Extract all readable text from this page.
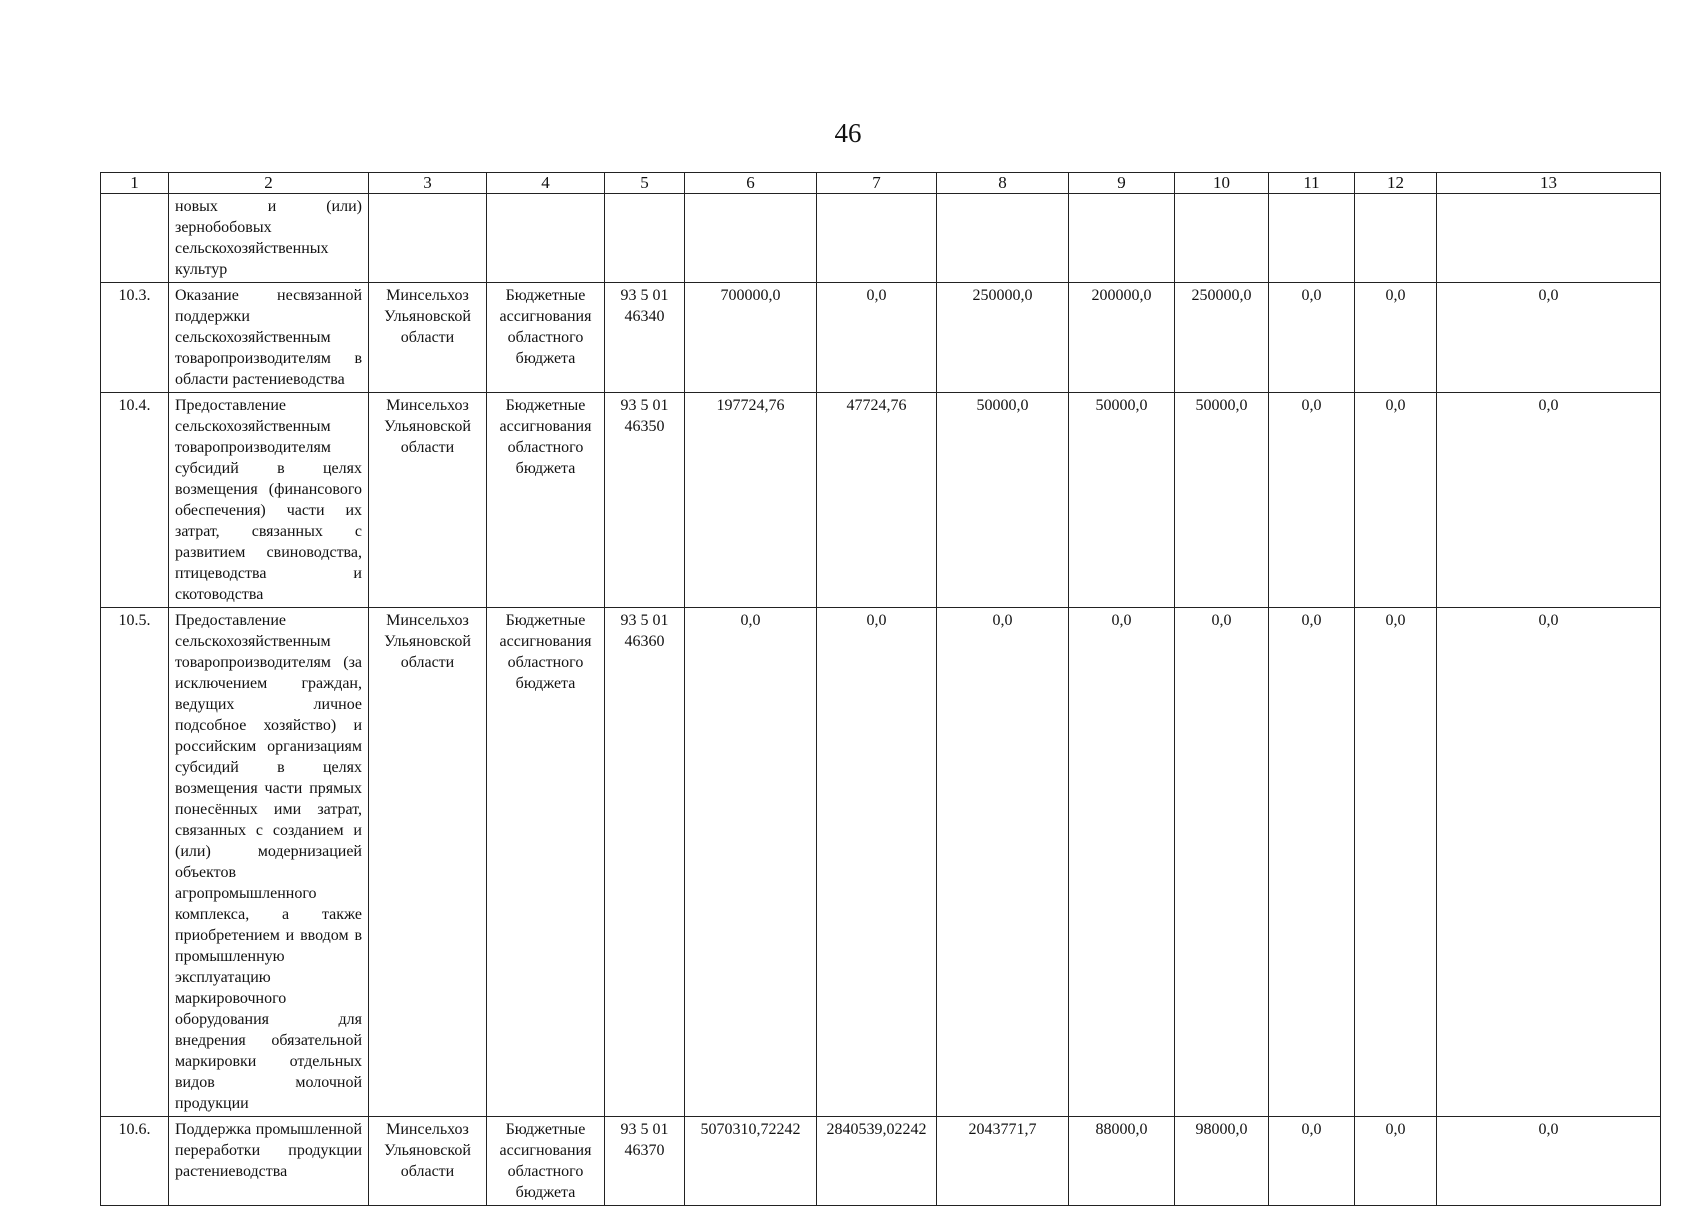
46
1	2	3	4	5	6	7	8	9	10	11	12	13
	новых и (или) зернобобовых сельскохозяйственных культур											
10.3.	Оказание несвязанной поддержки сельскохозяйственным товаропроизводителям в области растениеводства	Минсельхоз Ульяновской области	Бюджетные ассигнования областного бюджета	93 5 01 46340	700000,0	0,0	250000,0	200000,0	250000,0	0,0	0,0	0,0
10.4.	Предоставление сельскохозяйственным товаропроизводителям субсидий в целях возмещения (финансового обеспечения) части их затрат, связанных с развитием свиноводства, птицеводства и скотоводства	Минсельхоз Ульяновской области	Бюджетные ассигнования областного бюджета	93 5 01 46350	197724,76	47724,76	50000,0	50000,0	50000,0	0,0	0,0	0,0
10.5.	Предоставление сельскохозяйственным товаропроизводителям (за исключением граждан, ведущих личное подсобное хозяйство) и российским организациям субсидий в целях возмещения части прямых понесённых ими затрат, связанных с созданием и (или) модернизацией объектов агропромышленного комплекса, а также приобретением и вводом в промышленную эксплуатацию маркировочного оборудования для внедрения обязательной маркировки отдельных видов молочной продукции	Минсельхоз Ульяновской области	Бюджетные ассигнования областного бюджета	93 5 01 46360	0,0	0,0	0,0	0,0	0,0	0,0	0,0	0,0
10.6.	Поддержка промышленной переработки продукции растениеводства	Минсельхоз Ульяновской области	Бюджетные ассигнования областного бюджета	93 5 01 46370	5070310,72242	2840539,02242	2043771,7	88000,0	98000,0	0,0	0,0	0,0
